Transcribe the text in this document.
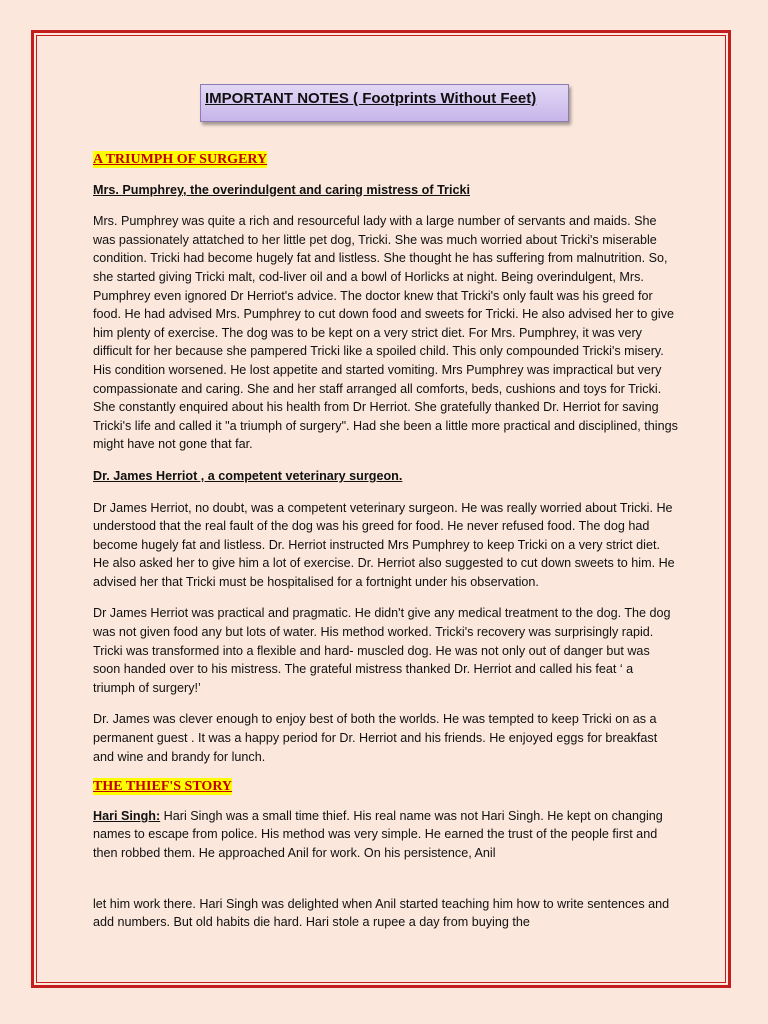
IMPORTANT NOTES ( Footprints Without Feet)
A TRIUMPH OF SURGERY

Mrs. Pumphrey, the overindulgent and caring mistress of Tricki

Mrs. Pumphrey was quite a rich and resourceful lady with a large number of servants and maids. She was passionately attatched to her little pet dog, Tricki. She was much worried about Tricki's miserable condition. Tricki had become hugely fat and listless. She thought he has suffering from malnutrition. So, she started giving Tricki malt, cod-liver oil and a bowl of Horlicks at night. Being overindulgent, Mrs. Pumphrey even ignored Dr Herriot's advice. The doctor knew that Tricki's only fault was his greed for food. He had advised Mrs. Pumphrey to cut down food and sweets for Tricki. He also advised her to give him plenty of exercise. The dog was to be kept on a very strict diet. For Mrs. Pumphrey, it was very difficult for her because she pampered Tricki like a spoiled child. This only compounded Tricki's misery. His condition worsened. He lost appetite and started vomiting. Mrs Pumphrey was impractical but very compassionate and caring. She and her staff arranged all comforts, beds, cushions and toys for Tricki. She constantly enquired about his health from Dr Herriot. She gratefully thanked Dr. Herriot for saving Tricki's life and called it "a triumph of surgery". Had she been a little more practical and disciplined, things might have not gone that far.

Dr. James Herriot , a competent veterinary surgeon.

Dr James Herriot, no doubt, was a competent veterinary surgeon. He was really worried about Tricki. He understood that the real fault of the dog was his greed for food. He never refused food. The dog had become hugely fat and listless. Dr. Herriot instructed Mrs Pumphrey to keep Tricki on a very strict diet. He also asked her to give him a lot of exercise. Dr. Herriot also suggested to cut down sweets to him. He advised her that Tricki must be hospitalised for a fortnight under his observation.

Dr James Herriot was practical and pragmatic. He didn't give any medical treatment to the dog. The dog was not given food any but lots of water. His method worked. Tricki's recovery was surprisingly rapid. Tricki was transformed into a flexible and hard- muscled dog. He was not only out of danger but was soon handed over to his mistress. The grateful mistress thanked Dr. Herriot and called his feat ‘ a triumph of surgery!’

Dr. James was clever enough to enjoy best of both the worlds. He was tempted to keep Tricki on as a permanent guest . It was a happy period for Dr. Herriot and his friends. He enjoyed eggs for breakfast and wine and brandy for lunch.

THE THIEF'S STORY

Hari Singh: Hari Singh was a small time thief. His real name was not Hari Singh. He kept on changing names to escape from police. His method was very simple. He earned the trust of the people first and then robbed them. He approached Anil for work. On his persistence, Anil

let him work there. Hari Singh was delighted when Anil started teaching him how to write sentences and add numbers. But old habits die hard. Hari stole a rupee a day from buying the
